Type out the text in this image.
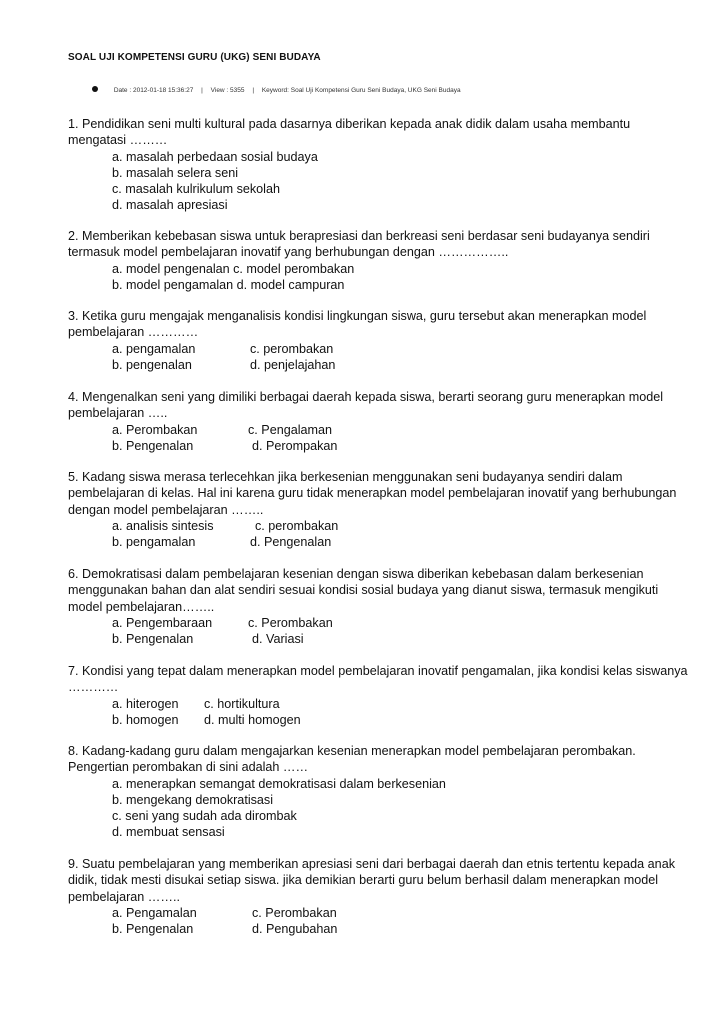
SOAL UJI KOMPETENSI GURU (UKG) SENI BUDAYA
Date : 2012-01-18 15:36:27 | View : 5355 | Keyword: Soal Uji Kompetensi Guru Seni Budaya, UKG Seni Budaya

1. Pendidikan seni multi kultural pada dasarnya diberikan kepada anak didik dalam usaha membantu mengatasi ………

a. masalah perbedaan sosial budaya
b. masalah selera seni
c. masalah kulrikulum sekolah
d. masalah apresiasi

2. Memberikan kebebasan siswa untuk berapresiasi dan berkreasi seni berdasar seni budayanya sendiri termasuk model pembelajaran inovatif yang berhubungan dengan ……………..

a. model pengenalan c. model perombakan
b. model pengamalan d. model campuran

3. Ketika guru mengajak menganalisis kondisi lingkungan siswa, guru tersebut akan menerapkan model pembelajaran …………

a. pengamalan	c. perombakan
b. pengenalan	d. penjelajahan

4. Mengenalkan seni yang dimiliki berbagai daerah kepada siswa, berarti seorang guru menerapkan model pembelajaran …..

a. Perombakan	c. Pengalaman
b. Pengenalan	d. Perompakan

5. Kadang siswa merasa terlecehkan jika berkesenian menggunakan seni budayanya sendiri dalam pembelajaran di kelas. Hal ini karena guru tidak menerapkan model pembelajaran inovatif yang berhubungan dengan model pembelajaran ……..

a. analisis sintesis	c. perombakan
b. pengamalan	d. Pengenalan

6. Demokratisasi dalam pembelajaran kesenian dengan siswa diberikan kebebasan dalam berkesenian menggunakan bahan dan alat sendiri sesuai kondisi sosial budaya yang dianut siswa, termasuk mengikuti model pembelajaran……..

a. Pengembaraan	c. Perombakan
b. Pengenalan	d. Variasi

7. Kondisi yang tepat dalam menerapkan model pembelajaran inovatif pengamalan, jika kondisi kelas siswanya …………

a. hiterogen c. hortikultura
b. homogen d. multi homogen

8. Kadang-kadang guru dalam mengajarkan kesenian menerapkan model pembelajaran perombakan. Pengertian perombakan di sini adalah ……

a. menerapkan semangat demokratisasi dalam berkesenian
b. mengekang demokratisasi
c. seni yang sudah ada dirombak
d. membuat sensasi

9. Suatu pembelajaran yang memberikan apresiasi seni dari berbagai daerah dan etnis tertentu kepada anak didik, tidak mesti disukai setiap siswa. jika demikian berarti guru belum berhasil dalam menerapkan model pembelajaran ……..

a. Pengamalan	c. Perombakan
b. Pengenalan	d. Pengubahan
